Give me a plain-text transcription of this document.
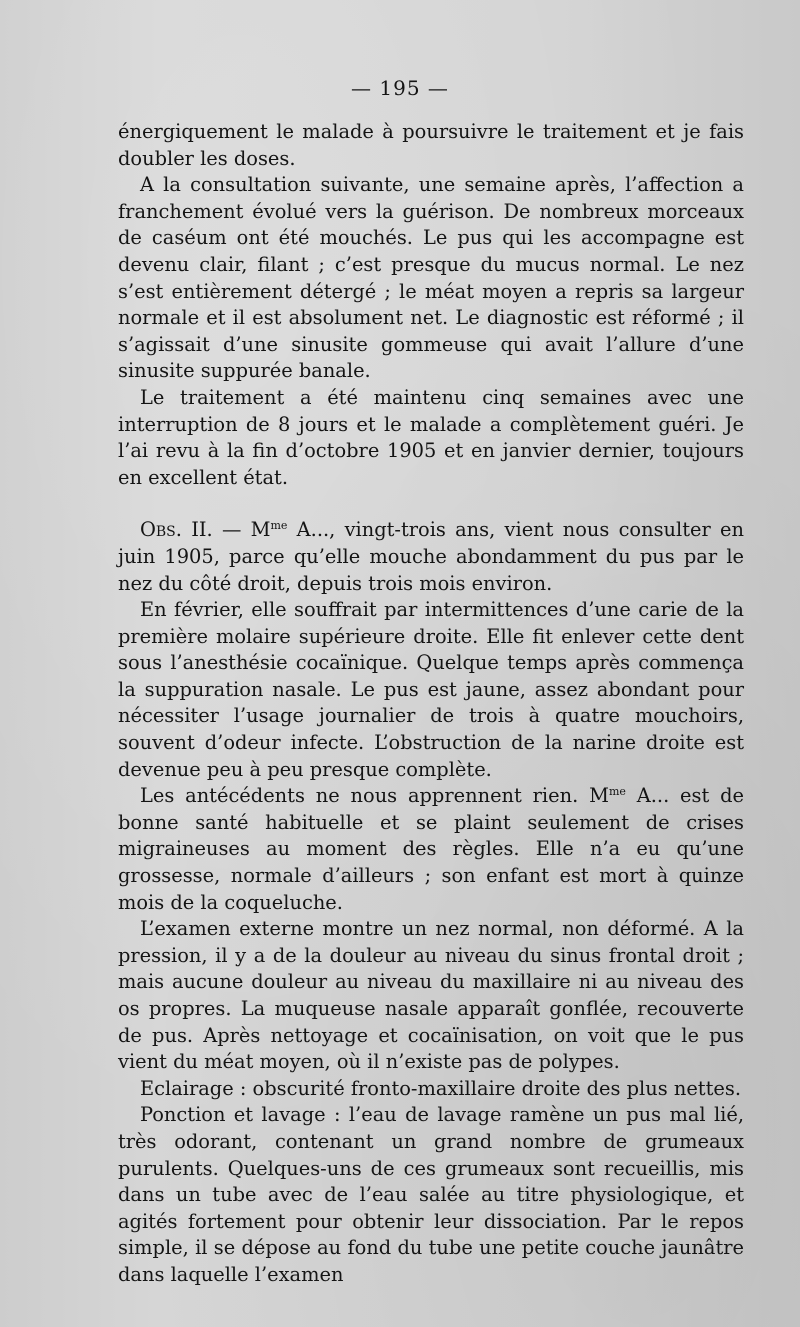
— 195 —

énergiquement le malade à poursuivre le traitement et je fais doubler les doses.

A la consultation suivante, une semaine après, l’affection a franchement évolué vers la guérison. De nombreux morceaux de caséum ont été mouchés. Le pus qui les accompagne est devenu clair, filant ; c’est presque du mucus normal. Le nez s’est entièrement détergé ; le méat moyen a repris sa largeur normale et il est absolument net. Le diagnostic est réformé ; il s’agissait d’une sinusite gommeuse qui avait l’allure d’une sinusite suppurée banale.

Le traitement a été maintenu cinq semaines avec une interruption de 8 jours et le malade a complètement guéri. Je l’ai revu à la fin d’octobre 1905 et en janvier dernier, toujours en excellent état.

Obs. II. — $M^{me}$ A..., vingt-trois ans, vient nous consulter en juin 1905, parce qu’elle mouche abondamment du pus par le nez du côté droit, depuis trois mois environ.

En février, elle souffrait par intermittences d’une carie de la première molaire supérieure droite. Elle fit enlever cette dent sous l’anesthésie cocaïnique. Quelque temps après commença la suppuration nasale. Le pus est jaune, assez abondant pour nécessiter l’usage journalier de trois à quatre mouchoirs, souvent d’odeur infecte. L’obstruction de la narine droite est devenue peu à peu presque complète.

Les antécédents ne nous apprennent rien. $M^{me}$ A... est de bonne santé habituelle et se plaint seulement de crises migraineuses au moment des règles. Elle n’a eu qu’une grossesse, normale d’ailleurs ; son enfant est mort à quinze mois de la coqueluche.

L’examen externe montre un nez normal, non déformé. A la pression, il y a de la douleur au niveau du sinus frontal droit ; mais aucune douleur au niveau du maxillaire ni au niveau des os propres. La muqueuse nasale apparaît gonflée, recouverte de pus. Après nettoyage et cocaïnisation, on voit que le pus vient du méat moyen, où il n’existe pas de polypes.

Eclairage : obscurité fronto-maxillaire droite des plus nettes.

Ponction et lavage : l’eau de lavage ramène un pus mal lié, très odorant, contenant un grand nombre de grumeaux purulents. Quelques-uns de ces grumeaux sont recueillis, mis dans un tube avec de l’eau salée au titre physiologique, et agités fortement pour obtenir leur dissociation. Par le repos simple, il se dépose au fond du tube une petite couche jaunâtre dans laquelle l’examen
